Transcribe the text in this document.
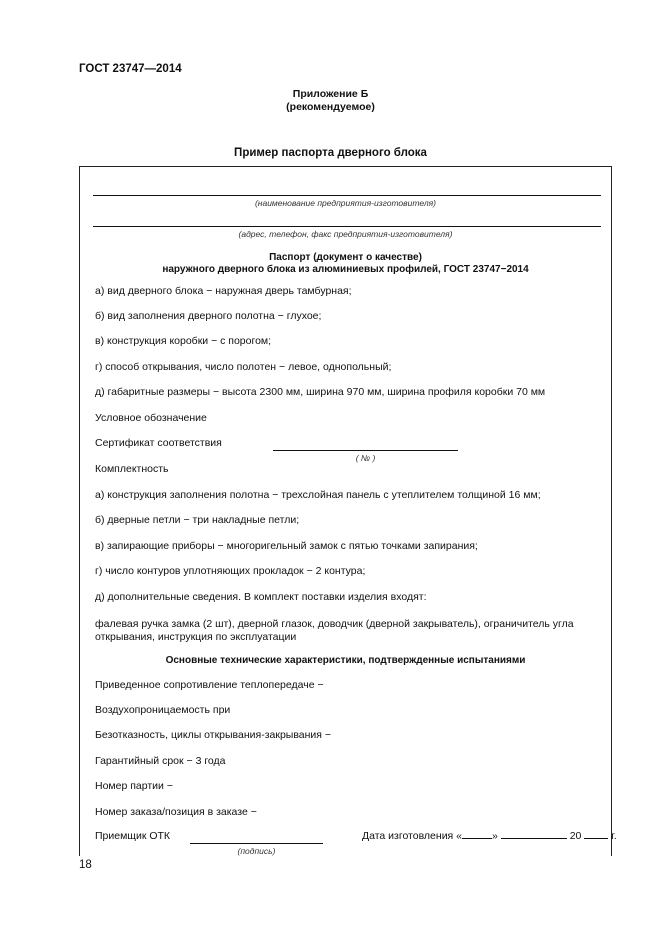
ГОСТ 23747—2014
Приложение Б
(рекомендуемое)
Пример паспорта дверного блока
(наименование предприятия-изготовителя)
(адрес, телефон, факс предприятия-изготовителя)
Паспорт (документ о качестве)
наружного дверного блока из алюминиевых профилей, ГОСТ 23747−2014
а) вид дверного блока − наружная дверь тамбурная;
б) вид заполнения дверного полотна − глухое;
в) конструкция коробки − с порогом;
г) способ открывания, число полотен − левое, однопольный;
д) габаритные размеры − высота 2300 мм, ширина 970 мм, ширина профиля коробки 70 мм
Условное обозначение
Сертификат соответствия
( № )
Комплектность
а) конструкция заполнения полотна − трехслойная панель с утеплителем толщиной 16 мм;
б) дверные петли − три накладные петли;
в) запирающие приборы − многоригельный замок с пятью точками запирания;
г) число контуров уплотняющих прокладок − 2 контура;
д) дополнительные сведения. В комплект поставки изделия входят:
фалевая ручка замка (2 шт), дверной глазок, доводчик (дверной закрыватель), ограничитель угла открывания, инструкция по эксплуатации
Основные технические характеристики, подтвержденные испытаниями
Приведенное сопротивление теплопередаче −
Воздухопроницаемость при
Безотказность, циклы открывания-закрывания −
Гарантийный срок − 3 года
Номер партии −
Номер заказа/позиция в заказе −
Приемщик ОТК
(подпись)
Дата изготовления «	»	20	г.
18
